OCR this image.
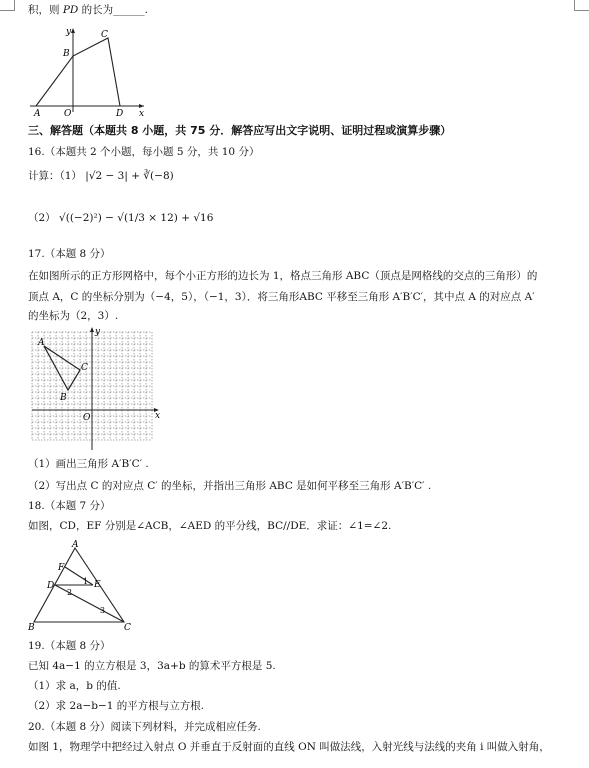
积，则 PD 的长为______.
y	C
B
A	O	D x
三、解答题（本题共 8 小题，共 75 分．解答应写出文字说明、证明过程或演算步骤）
16.（本题共 2 个小题，每小题 5 分，共 10 分）
计算：（1） |√2 − 3| + ∛(−8)
（2） √((−2)²) − √(1/3 × 12) + √16
17.（本题 8 分）
在如图所示的正方形网格中，每个小正方形的边长为 1，格点三角形 ABC（顶点是网格线的交点的三角形）的
顶点 A，C 的坐标分别为（−4，5），（−1，3）．将三角形ABC 平移至三角形 A′B′C′，其中点 A 的对应点 A′
的坐标为（2，3）.
A
B
C
O	x
y
（1）画出三角形 A′B′C′ .
（2）写出点 C 的对应点 C′ 的坐标，并指出三角形 ABC 是如何平移至三角形 A′B′C′ .
18.（本题 7 分）
如图，CD，EF 分别是∠ACB，∠AED 的平分线，BC//DE．求证：∠1=∠2.
A
F
D	E
B	C
1
2
3
19.（本题 8 分）
已知 4a−1 的立方根是 3，3a+b 的算术平方根是 5.
（1）求 a，b 的值.
（2）求 2a−b−1 的平方根与立方根.
20.（本题 8 分）阅读下列材料，并完成相应任务.
如图 1，物理学中把经过入射点 O 并垂直于反射面的直线 ON 叫做法线，入射光线与法线的夹角 i 叫做入射角，
